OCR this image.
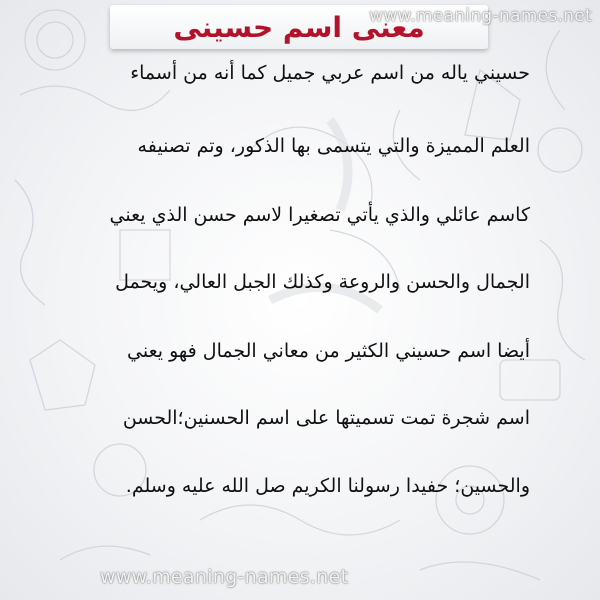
معنى اسم حسينى
www.meaning-names.net
حسيني ياله من اسم عربي جميل كما أنه من أسماء
العلم المميزة والتي يتسمى بها الذكور، وتم تصنيفه
كاسم عائلي والذي يأتي تصغيرا لاسم حسن الذي يعني
الجمال والحسن والروعة وكذلك الجبل العالي، ويحمل
أيضا اسم حسيني الكثير من معاني الجمال فهو يعني
اسم شجرة تمت تسميتها على اسم الحسنين؛الحسن
والحسين؛ حفيدا رسولنا الكريم صل الله عليه وسلم.
www.meaning-names.net
